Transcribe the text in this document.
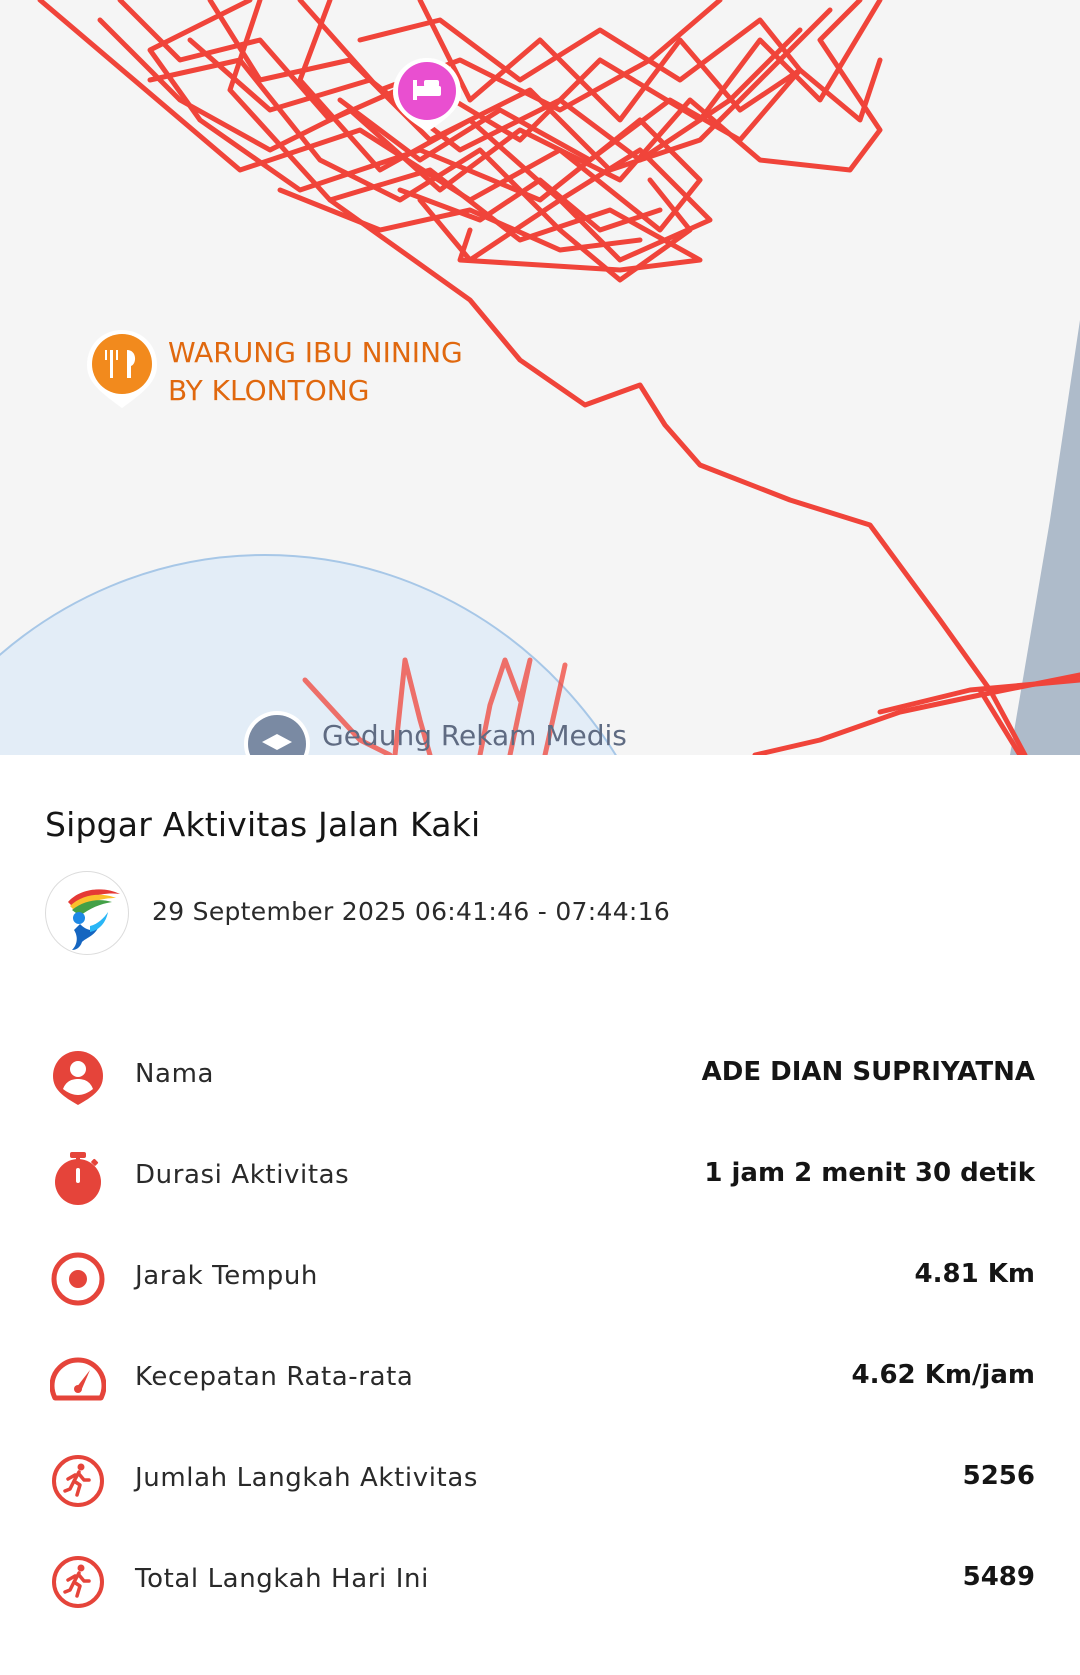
WARUNG IBU NINING
BY KLONTONG
Gedung Rekam Medis
Sipgar Aktivitas Jalan Kaki
29 September 2025 06:41:46 - 07:44:16
Nama	ADE DIAN SUPRIYATNA
Durasi Aktivitas	1 jam 2 menit 30 detik
Jarak Tempuh	4.81 Km
Kecepatan Rata-rata	4.62 Km/jam
Jumlah Langkah Aktivitas	5256
Total Langkah Hari Ini	5489
